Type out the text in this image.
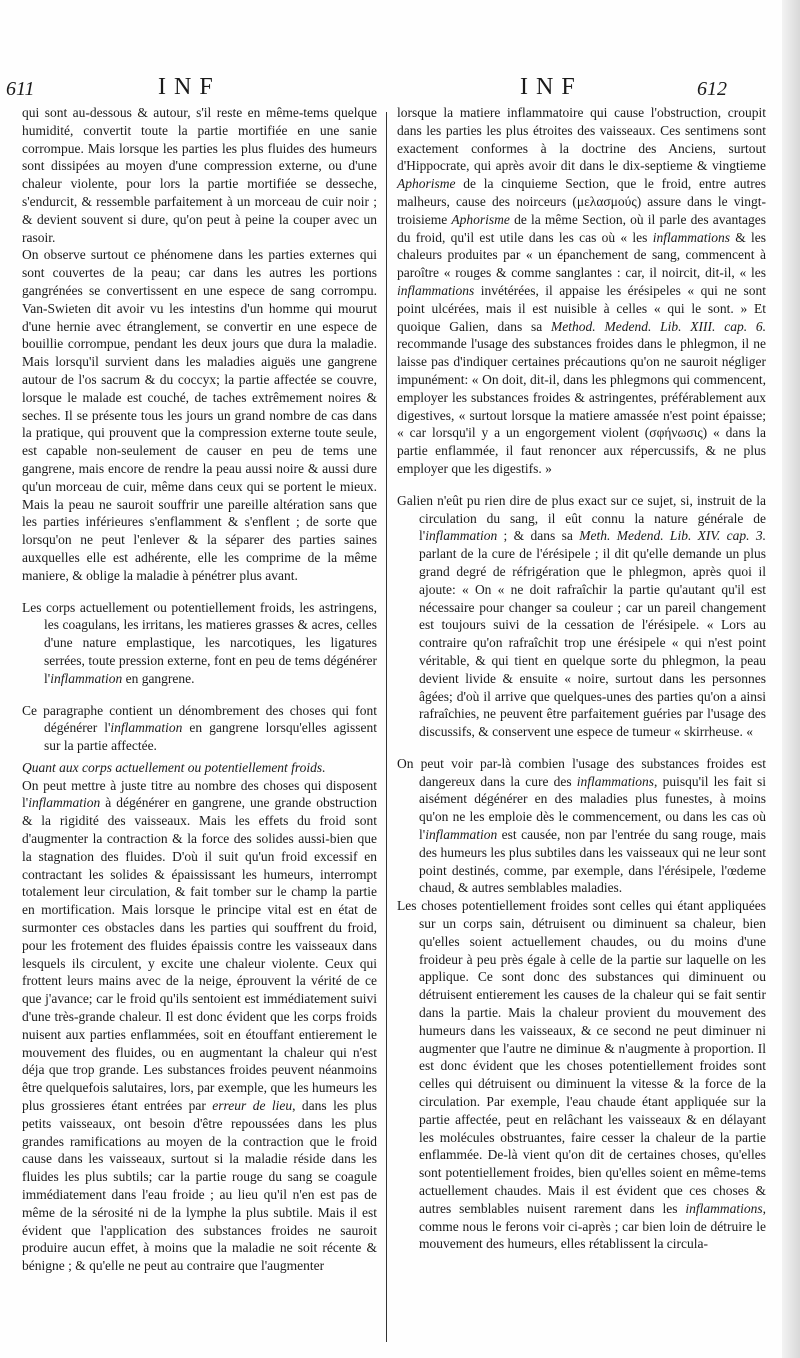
611	INF	INF	612

qui sont au-dessous & autour, s'il reste en même-tems quelque humidité, convertit toute la partie mortifiée en une sanie corrompue. Mais lorsque les parties les plus fluides des humeurs sont dissipées au moyen d'une compression externe, ou d'une chaleur violente, pour lors la partie mortifiée se desseche, s'endurcit, & ressemble parfaitement à un morceau de cuir noir ; & devient souvent si dure, qu'on peut à peine la couper avec un rasoir.

On observe surtout ce phénomene dans les parties externes qui sont couvertes de la peau; car dans les autres les portions gangrénées se convertissent en une espece de sang corrompu. Van-Swieten dit avoir vu les intestins d'un homme qui mourut d'une hernie avec étranglement, se convertir en une espece de bouillie corrompue, pendant les deux jours que dura la maladie. Mais lorsqu'il survient dans les maladies aiguës une gangrene autour de l'os sacrum & du coccyx; la partie affectée se couvre, lorsque le malade est couché, de taches extrêmement noires & seches. Il se présente tous les jours un grand nombre de cas dans la pratique, qui prouvent que la compression externe toute seule, est capable non-seulement de causer en peu de tems une gangrene, mais encore de rendre la peau aussi noire & aussi dure qu'un morceau de cuir, même dans ceux qui se portent le mieux. Mais la peau ne sauroit souffrir une pareille altération sans que les parties inférieures s'enflamment & s'enflent ; de sorte que lorsqu'on ne peut l'enlever & la séparer des parties saines auxquelles elle est adhérente, elle les comprime de la même maniere, & oblige la maladie à pénétrer plus avant.

Les corps actuellement ou potentiellement froids, les astringens, les coagulans, les irritans, les matieres grasses & acres, celles d'une nature emplastique, les narcotiques, les ligatures serrées, toute pression externe, font en peu de tems dégénérer l'inflammation en gangrene.

Ce paragraphe contient un dénombrement des choses qui font dégénérer l'inflammation en gangrene lorsqu'elles agissent sur la partie affectée.

Quant aux corps actuellement ou potentiellement froids.

On peut mettre à juste titre au nombre des choses qui disposent l'inflammation à dégénérer en gangrene, une grande obstruction & la rigidité des vaisseaux. Mais les effets du froid sont d'augmenter la contraction & la force des solides aussi-bien que la stagnation des fluides. D'où il suit qu'un froid excessif en contractant les solides & épaississant les humeurs, interrompt totalement leur circulation, & fait tomber sur le champ la partie en mortification. Mais lorsque le principe vital est en état de surmonter ces obstacles dans les parties qui souffrent du froid, pour les frotement des fluides épaissis contre les vaisseaux dans lesquels ils circulent, y excite une chaleur violente. Ceux qui frottent leurs mains avec de la neige, éprouvent la vérité de ce que j'avance; car le froid qu'ils sentoient est immédiatement suivi d'une très-grande chaleur. Il est donc évident que les corps froids nuisent aux parties enflammées, soit en étouffant entierement le mouvement des fluides, ou en augmentant la chaleur qui n'est déja que trop grande. Les substances froides peuvent néanmoins être quelquefois salutaires, lors, par exemple, que les humeurs les plus grossieres étant entrées par erreur de lieu, dans les plus petits vaisseaux, ont besoin d'être repoussées dans les plus grandes ramifications au moyen de la contraction que le froid cause dans les vaisseaux, surtout si la maladie réside dans les fluides les plus subtils; car la partie rouge du sang se coagule immédiatement dans l'eau froide ; au lieu qu'il n'en est pas de même de la sérosité ni de la lymphe la plus subtile. Mais il est évident que l'application des substances froides ne sauroit produire aucun effet, à moins que la maladie ne soit récente & bénigne ; & qu'elle ne peut au contraire que l'augmenter

lorsque la matiere inflammatoire qui cause l'obstruction, croupit dans les parties les plus étroites des vaisseaux. Ces sentimens sont exactement conformes à la doctrine des Anciens, surtout d'Hippocrate, qui après avoir dit dans le dix-septieme & vingtieme Aphorisme de la cinquieme Section, que le froid, entre autres malheurs, cause des noirceurs (μελασμούς) assure dans le vingt-troisieme Aphorisme de la même Section, où il parle des avantages du froid, qu'il est utile dans les cas où « les inflammations & les chaleurs produites par « un épanchement de sang, commencent à paroître « rouges & comme sanglantes : car, il noircit, dit-il, « les inflammations invétérées, il appaise les érésipeles « qui ne sont point ulcérées, mais il est nuisible à celles « qui le sont. » Et quoique Galien, dans sa Method. Medend. Lib. XIII. cap. 6. recommande l'usage des substances froides dans le phlegmon, il ne laisse pas d'indiquer certaines précautions qu'on ne sauroit négliger impunément: « On doit, dit-il, dans les phlegmons qui commencent, employer les substances froides & astringentes, préférablement aux digestives, « surtout lorsque la matiere amassée n'est point épaisse; « car lorsqu'il y a un engorgement violent (σφήνωσις) « dans la partie enflammée, il faut renoncer aux répercussifs, & ne plus employer que les digestifs. »

Galien n'eût pu rien dire de plus exact sur ce sujet, si, instruit de la circulation du sang, il eût connu la nature générale de l'inflammation ; & dans sa Meth. Medend. Lib. XIV. cap. 3. parlant de la cure de l'érésipele ; il dit qu'elle demande un plus grand degré de réfrigération que le phlegmon, après quoi il ajoute: « On « ne doit rafraîchir la partie qu'autant qu'il est nécessaire pour changer sa couleur ; car un pareil changement est toujours suivi de la cessation de l'érésipele. « Lors au contraire qu'on rafraîchit trop une érésipele « qui n'est point véritable, & qui tient en quelque sorte du phlegmon, la peau devient livide & ensuite « noire, surtout dans les personnes âgées; d'où il arrive que quelques-unes des parties qu'on a ainsi rafraîchies, ne peuvent être parfaitement guéries par l'usage des discussifs, & conservent une espece de tumeur « skirrheuse. «

On peut voir par-là combien l'usage des substances froides est dangereux dans la cure des inflammations, puisqu'il les fait si aisément dégénérer en des maladies plus funestes, à moins qu'on ne les emploie dès le commencement, ou dans les cas où l'inflammation est causée, non par l'entrée du sang rouge, mais des humeurs les plus subtiles dans les vaisseaux qui ne leur sont point destinés, comme, par exemple, dans l'érésipele, l'œdeme chaud, & autres semblables maladies.

Les choses potentiellement froides sont celles qui étant appliquées sur un corps sain, détruisent ou diminuent sa chaleur, bien qu'elles soient actuellement chaudes, ou du moins d'une froideur à peu près égale à celle de la partie sur laquelle on les applique. Ce sont donc des substances qui diminuent ou détruisent entierement les causes de la chaleur qui se fait sentir dans la partie. Mais la chaleur provient du mouvement des humeurs dans les vaisseaux, & ce second ne peut diminuer ni augmenter que l'autre ne diminue & n'augmente à proportion. Il est donc évident que les choses potentiellement froides sont celles qui détruisent ou diminuent la vitesse & la force de la circulation. Par exemple, l'eau chaude étant appliquée sur la partie affectée, peut en relâchant les vaisseaux & en délayant les molécules obstruantes, faire cesser la chaleur de la partie enflammée. De-là vient qu'on dit de certaines choses, qu'elles sont potentiellement froides, bien qu'elles soient en même-tems actuellement chaudes. Mais il est évident que ces choses & autres semblables nuisent rarement dans les inflammations, comme nous le ferons voir ci-après ; car bien loin de détruire le mouvement des humeurs, elles rétablissent la circula-
